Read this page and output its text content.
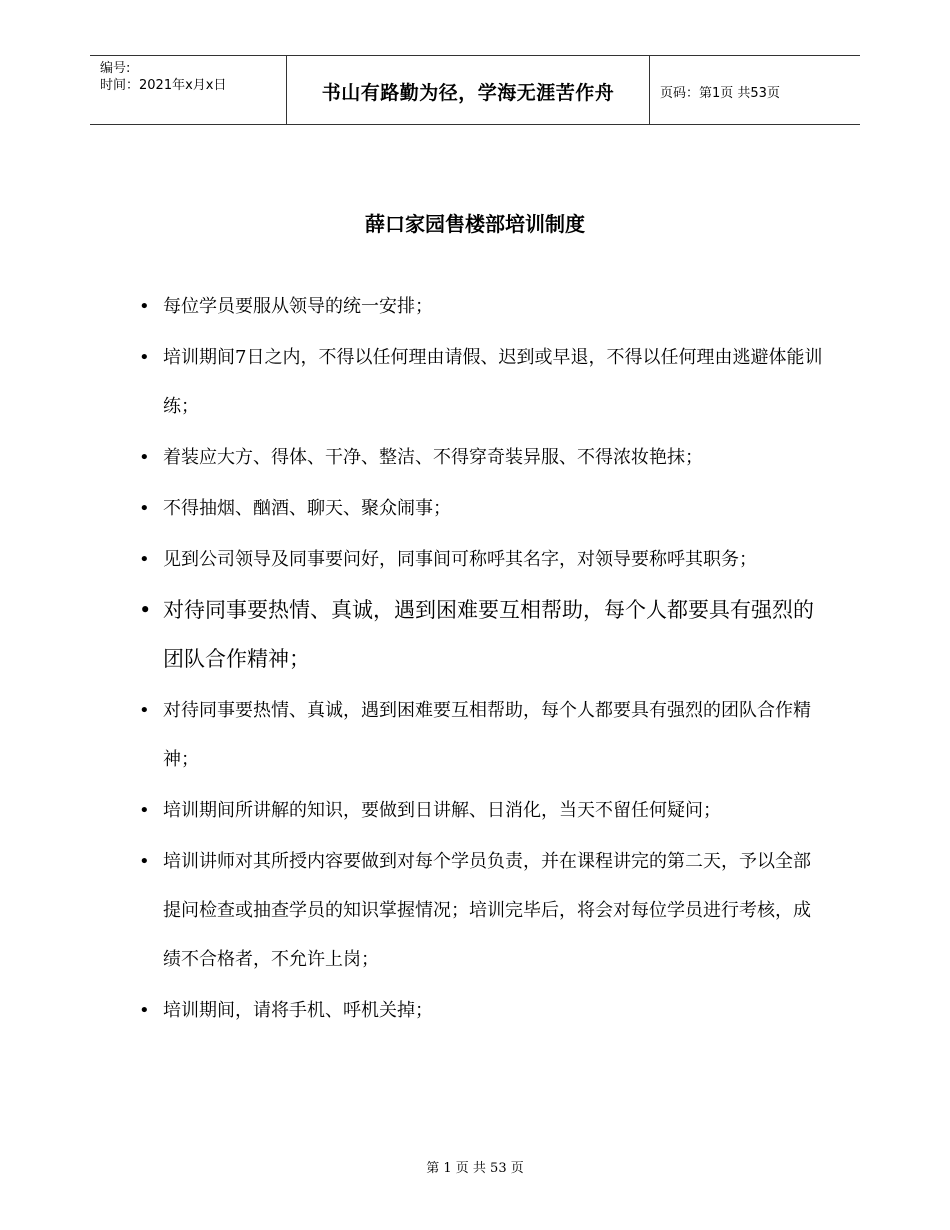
编号:
时间：2021年x月x日	书山有路勤为径，学海无涯苦作舟	页码：第1页 共53页
薛口家园售楼部培训制度
• 每位学员要服从领导的统一安排；
• 培训期间7日之内，不得以任何理由请假、迟到或早退，不得以任何理由逃避体能训练；
• 着装应大方、得体、干净、整洁、不得穿奇装异服、不得浓妆艳抹；
• 不得抽烟、酗酒、聊天、聚众闹事；
• 见到公司领导及同事要问好，同事间可称呼其名字，对领导要称呼其职务；
• 对待同事要热情、真诚，遇到困难要互相帮助，每个人都要具有强烈的团队合作精神；
• 对待同事要热情、真诚，遇到困难要互相帮助，每个人都要具有强烈的团队合作精神；
• 培训期间所讲解的知识，要做到日讲解、日消化，当天不留任何疑问；
• 培训讲师对其所授内容要做到对每个学员负责，并在课程讲完的第二天，予以全部提问检查或抽查学员的知识掌握情况；培训完毕后，将会对每位学员进行考核，成绩不合格者，不允许上岗；
• 培训期间，请将手机、呼机关掉；
第 1 页 共 53 页
